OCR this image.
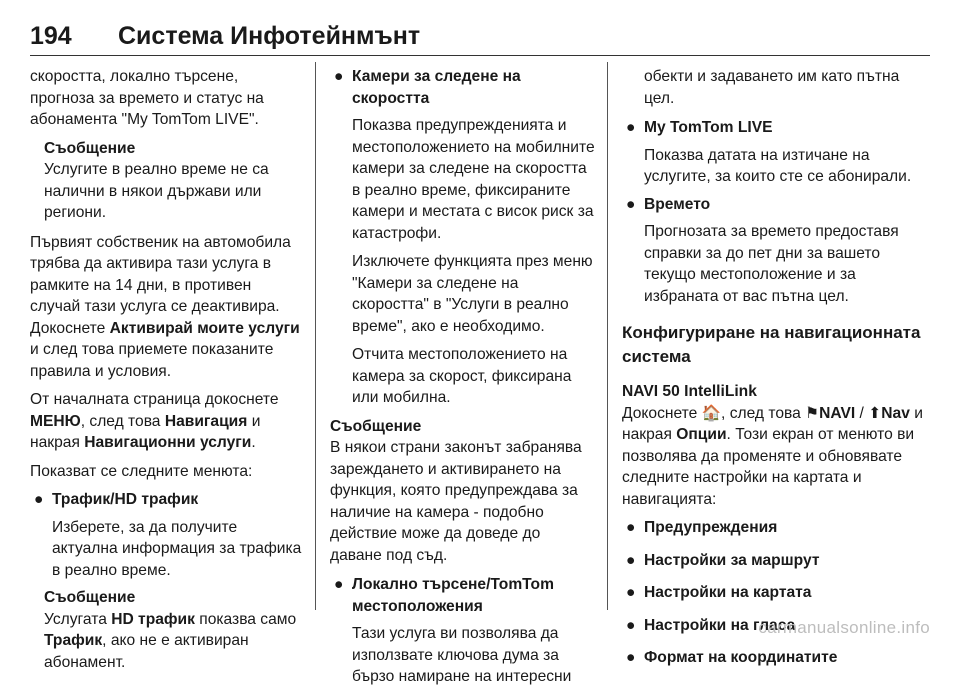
194 Система Инфотейнмънт

скоростта, локално търсене, прогноза за времето и статус на абонамента "My TomTom LIVE".

Съобщение
Услугите в реално време не са налични в някои държави или региони.

Първият собственик на автомобила трябва да активира тази услуга в рамките на 14 дни, в противен случай тази услуга се деактивира. Докоснете Активирай моите услуги и след това приемете показаните правила и условия.

От началната страница докоснете МЕНЮ, след това Навигация и накрая Навигационни услуги.

Показват се следните менюта:

● Трафик/HD трафик
Изберете, за да получите актуална информация за трафика в реално време.
Съобщение
Услугата HD трафик показва само Трафик, ако не е активиран абонамент.
● Камери за следене на скоростта

Показва предупрежденията и местоположението на мобилните камери за следене на скоростта в реално време, фиксираните камери и местата с висок риск за катастрофи.

Изключете функцията през меню "Камери за следене на скоростта" в "Услуги в реално време", ако е необходимо.

Отчита местоположението на камера за скорост, фиксирана или мобилна.

Съобщение
В някои страни законът забранява зареждането и активирането на функция, която предупреждава за наличие на камера - подобно действие може да доведе до даване под съд.
● Локално търсене/TomTom местоположения
Тази услуга ви позволява да използвате ключова дума за бързо намиране на интересни
обекти и задаването им като пътна цел.
● My TomTom LIVE
Показва датата на изтичане на услугите, за които сте се абонирали.
● Времето
Прогнозата за времето предоставя справки за до пет дни за вашето текущо местоположение и за избраната от вас пътна цел.
Конфигуриране на навигационната система
NAVI 50 IntelliLink

Докоснете 🏠, след това ⚑NAVI / ⬆Nav и накрая Опции. Този екран от менюто ви позволява да променяте и обновявате следните настройки на картата и навигацията:

● Предупреждения
● Настройки за маршрут
● Настройки на картата
● Настройки на гласа
● Формат на координатите
carmanualsonline.info
